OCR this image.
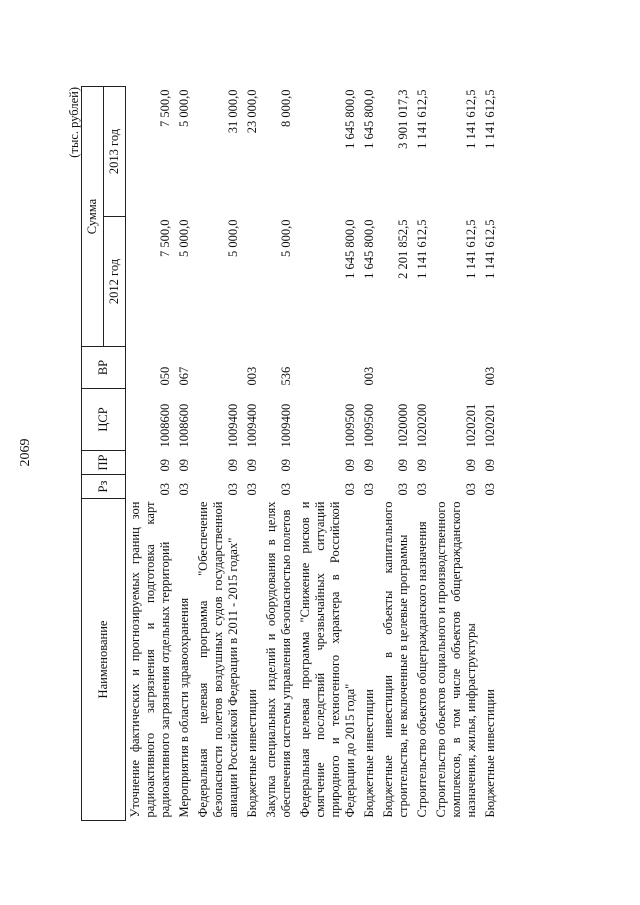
2069
(тыс. рублей)
Наименование	Рз	ПР	ЦСР	ВР	Сумма	
					2012 год	2013 год
Уточнение фактических и прогнозируемых границ зон радиоактивного загрязнения и подготовка карт радиоактивного загрязнения отдельных территорий	03	09	1008600	050	7 500,0	7 500,0
Мероприятия в области здравоохранения	03	09	1008600	067	5 000,0	5 000,0
Федеральная целевая программа "Обеспечение безопасности полетов воздушных судов государственной авиации Российской Федерации в 2011 - 2015 годах"	03	09	1009400		5 000,0	31 000,0
Бюджетные инвестиции	03	09	1009400	003		23 000,0
Закупка специальных изделий и оборудования в целях обеспечения системы управления безопасностью полетов	03	09	1009400	536	5 000,0	8 000,0
Федеральная целевая программа "Снижение рисков и смягчение последствий чрезвычайных ситуаций природного и техногенного характера в Российской Федерации до 2015 года"	03	09	1009500		1 645 800,0	1 645 800,0
Бюджетные инвестиции	03	09	1009500	003	1 645 800,0	1 645 800,0
Бюджетные инвестиции в объекты капитального строительства, не включенные в целевые программы	03	09	1020000		2 201 852,5	3 901 017,3
Строительство объектов общегражданского назначения	03	09	1020200		1 141 612,5	1 141 612,5
Строительство объектов социального и производственного комплексов, в том числе объектов общегражданского назначения, жилья, инфраструктуры	03	09	1020201		1 141 612,5	1 141 612,5
Бюджетные инвестиции	03	09	1020201	003	1 141 612,5	1 141 612,5
